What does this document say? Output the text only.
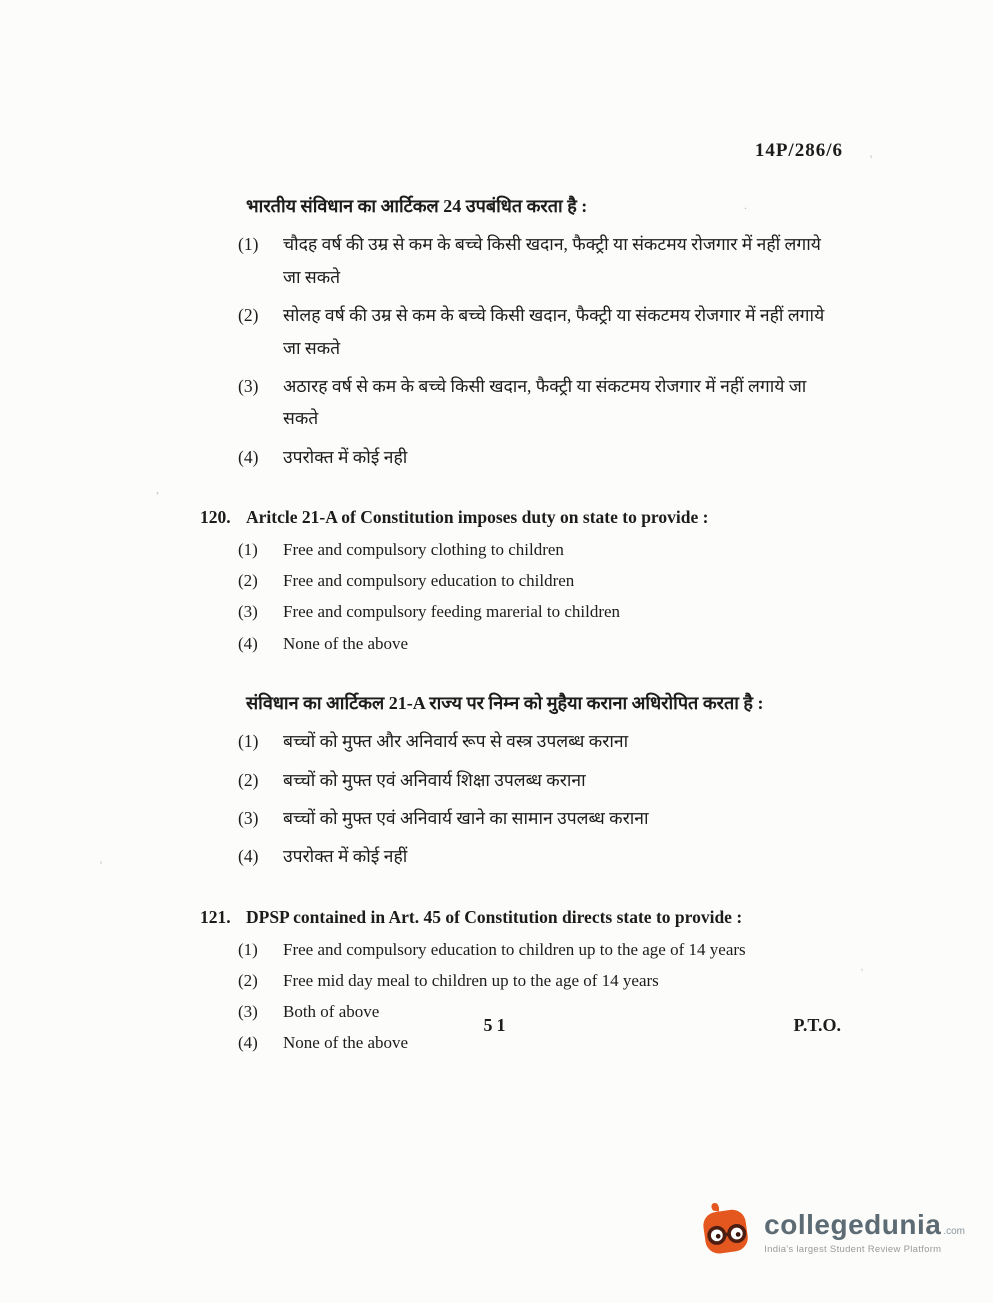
14P/286/6
भारतीय संविधान का आर्टिकल 24 उपबंधित करता है :
(1)	चौदह वर्ष की उम्र से कम के बच्चे किसी खदान, फैक्ट्री या संकटमय रोजगार में नहीं लगाये जा सकते
(2)	सोलह वर्ष की उम्र से कम के बच्चे किसी खदान, फैक्ट्री या संकटमय रोजगार में नहीं लगाये जा सकते
(3)	अठारह वर्ष से कम के बच्चे किसी खदान, फैक्ट्री या संकटमय रोजगार में नहीं लगाये जा सकते
(4)	उपरोक्त में कोई नही
120. Aritcle 21-A of Constitution imposes duty on state to provide :
(1)	Free and compulsory clothing to children
(2)	Free and compulsory education to children
(3)	Free and compulsory feeding marerial to children
(4)	None of the above
संविधान का आर्टिकल 21-A राज्य पर निम्न को मुहैया कराना अधिरोपित करता है :
(1)	बच्चों को मुफ्त और अनिवार्य रूप से वस्त्र उपलब्ध कराना
(2)	बच्चों को मुफ्त एवं अनिवार्य शिक्षा उपलब्ध कराना
(3)	बच्चों को मुफ्त एवं अनिवार्य खाने का सामान उपलब्ध कराना
(4)	उपरोक्त में कोई नहीं
121. DPSP contained in Art. 45 of Constitution directs state to provide :
(1)	Free and compulsory education to children up to the age of 14 years
(2)	Free mid day meal to children up to the age of 14 years
(3)	Both of above
(4)	None of the above
51	P.T.O.
,
'
`
.
'
collegedunia .com
India's largest Student Review Platform
